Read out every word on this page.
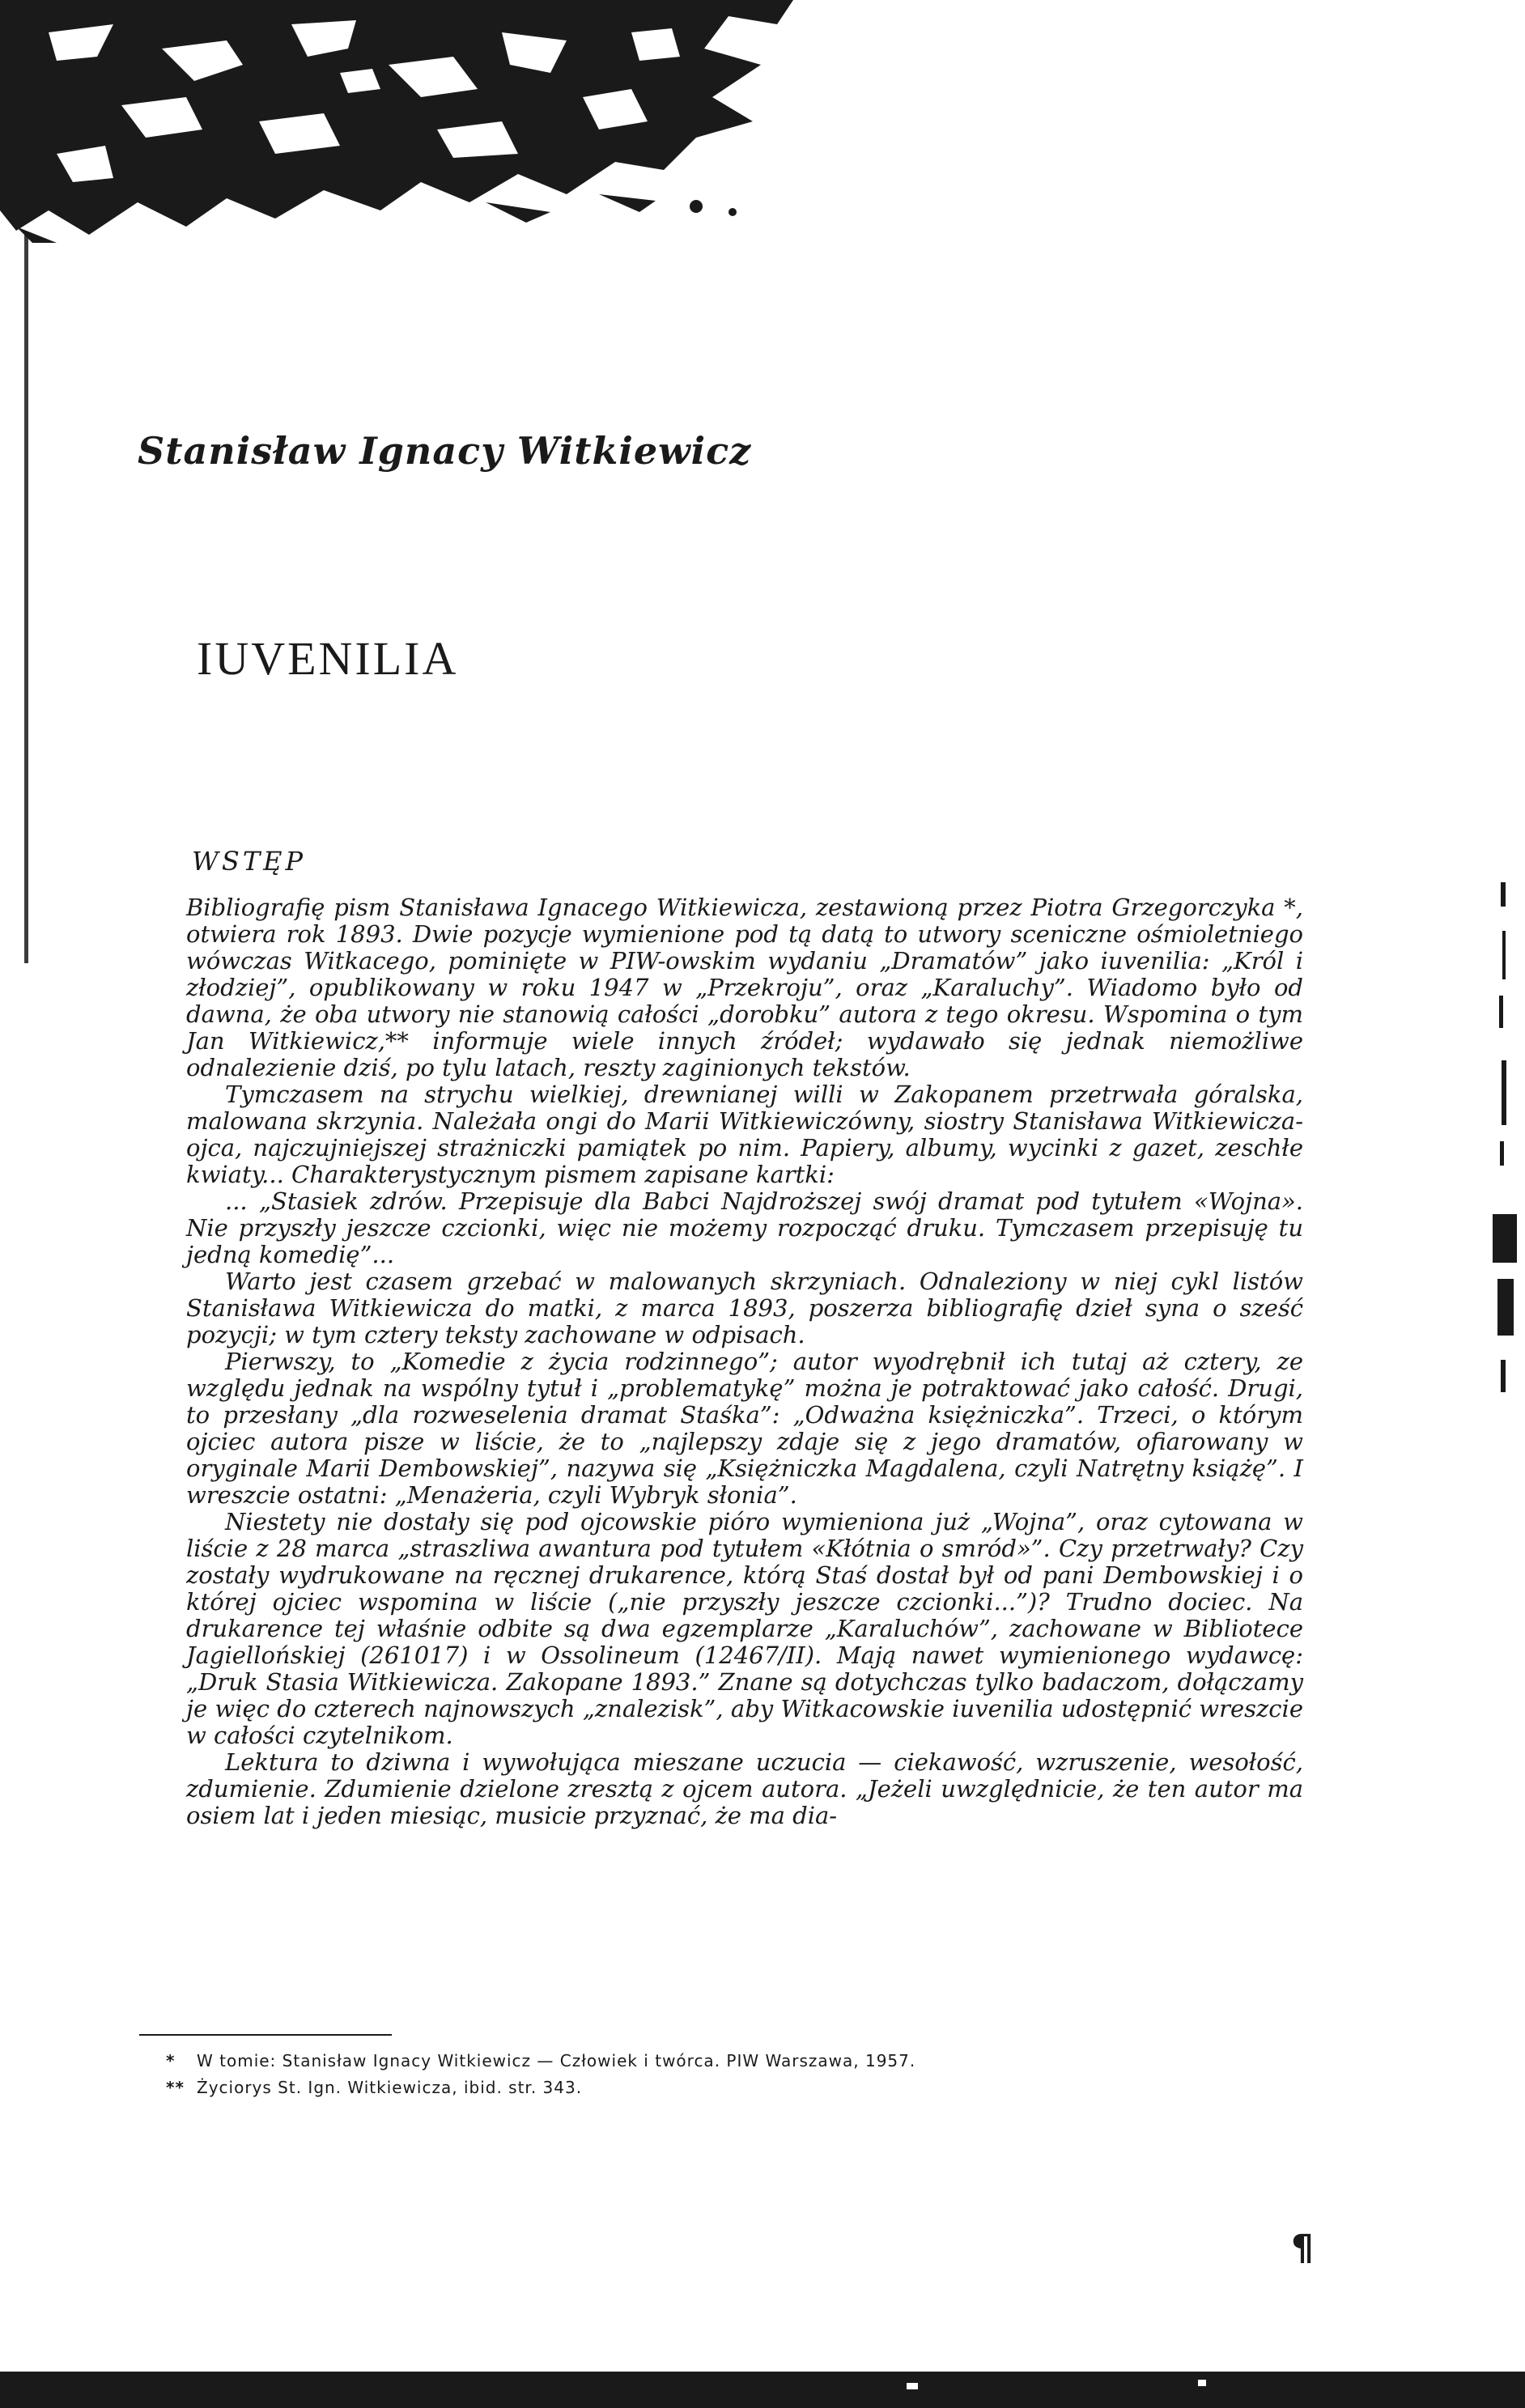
Stanisław Ignacy Witkiewicz
IUVENILIA
WSTĘP

Bibliografię pism Stanisława Ignacego Witkiewicza, zestawioną przez Piotra Grzegorczyka *, otwiera rok 1893. Dwie pozycje wymienione pod tą datą to utwory sceniczne ośmioletniego wówczas Witkacego, pominięte w PIW-owskim wydaniu „Dramatów” jako iuvenilia: „Król i złodziej”, opublikowany w roku 1947 w „Przekroju”, oraz „Karaluchy”. Wiadomo było od dawna, że oba utwory nie stanowią całości „dorobku” autora z tego okresu. Wspomina o tym Jan Witkiewicz,** informuje wiele innych źródeł; wydawało się jednak niemożliwe odnalezienie dziś, po tylu latach, reszty zaginionych tekstów.

Tymczasem na strychu wielkiej, drewnianej willi w Zakopanem przetrwała góralska, malowana skrzynia. Należała ongi do Marii Witkiewiczówny, siostry Stanisława Witkiewicza-ojca, najczujniejszej strażniczki pamiątek po nim. Papiery, albumy, wycinki z gazet, zeschłe kwiaty... Charakterystycznym pismem zapisane kartki:

... „Stasiek zdrów. Przepisuje dla Babci Najdroższej swój dramat pod tytułem «Wojna». Nie przyszły jeszcze czcionki, więc nie możemy rozpocząć druku. Tymczasem przepisuję tu jedną komedię”...

Warto jest czasem grzebać w malowanych skrzyniach. Odnaleziony w niej cykl listów Stanisława Witkiewicza do matki, z marca 1893, poszerza bibliografię dzieł syna o sześć pozycji; w tym cztery teksty zachowane w odpisach.

Pierwszy, to „Komedie z życia rodzinnego”; autor wyodrębnił ich tutaj aż cztery, ze względu jednak na wspólny tytuł i „problematykę” można je potraktować jako całość. Drugi, to przesłany „dla rozweselenia dramat Staśka”: „Odważna księżniczka”. Trzeci, o którym ojciec autora pisze w liście, że to „najlepszy zdaje się z jego dramatów, ofiarowany w oryginale Marii Dembowskiej”, nazywa się „Księżniczka Magdalena, czyli Natrętny książę”. I wreszcie ostatni: „Menażeria, czyli Wybryk słonia”.

Niestety nie dostały się pod ojcowskie pióro wymieniona już „Wojna”, oraz cytowana w liście z 28 marca „straszliwa awantura pod tytułem «Kłótnia o smród»”. Czy przetrwały? Czy zostały wydrukowane na ręcznej drukarence, którą Staś dostał był od pani Dembowskiej i o której ojciec wspomina w liście („nie przyszły jeszcze czcionki...”)? Trudno dociec. Na drukarence tej właśnie odbite są dwa egzemplarze „Karaluchów”, zachowane w Bibliotece Jagiellońskiej (261017) i w Ossolineum (12467/II). Mają nawet wymienionego wydawcę: „Druk Stasia Witkiewicza. Zakopane 1893.” Znane są dotychczas tylko badaczom, dołączamy je więc do czterech najnowszych „znalezisk”, aby Witkacowskie iuvenilia udostępnić wreszcie w całości czytelnikom.

Lektura to dziwna i wywołująca mieszane uczucia — ciekawość, wzruszenie, wesołość, zdumienie. Zdumienie dzielone zresztą z ojcem autora. „Jeżeli uwzględnicie, że ten autor ma osiem lat i jeden miesiąc, musicie przyznać, że ma dia-

* W tomie: Stanisław Ignacy Witkiewicz — Człowiek i twórca. PIW Warszawa, 1957.
** Życiorys St. Ign. Witkiewicza, ibid. str. 343.
¶
